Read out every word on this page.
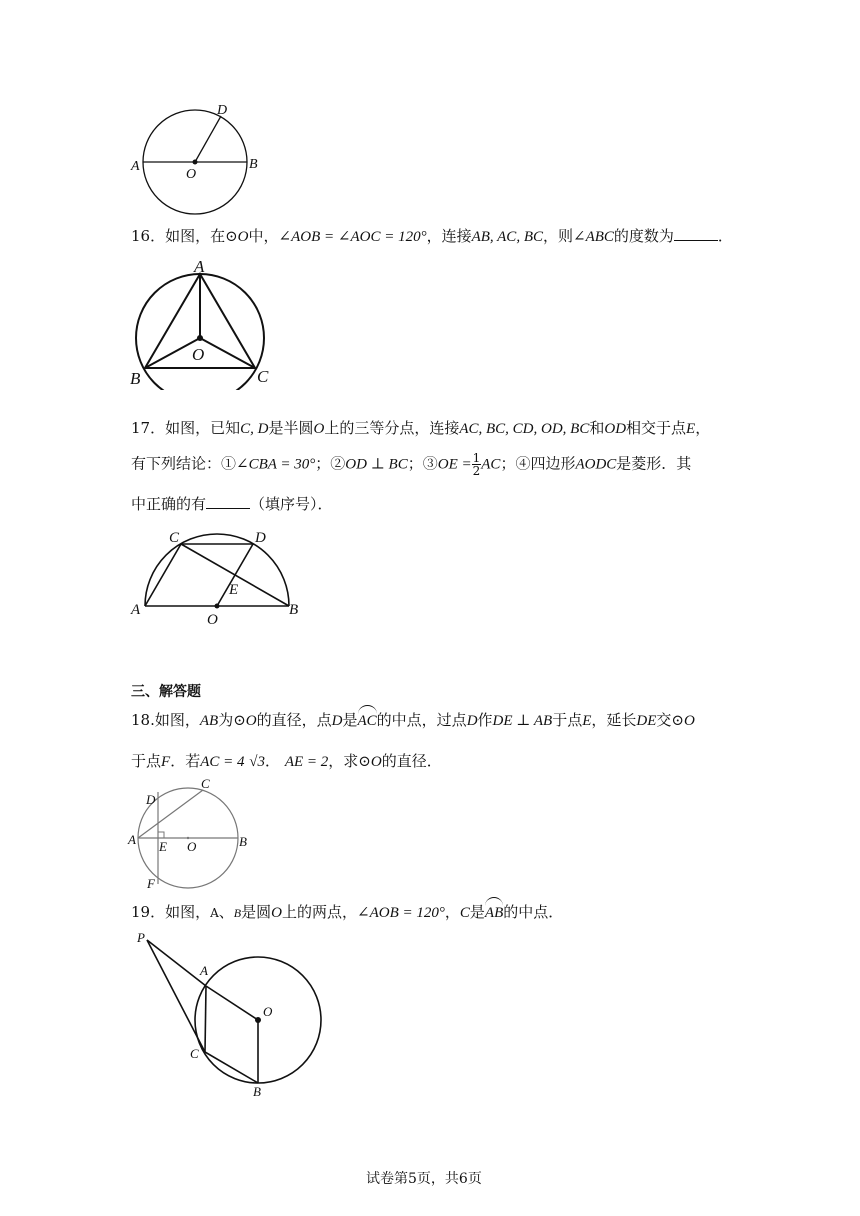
A	B
O
D
16．如图，在⊙O中，∠AOB = ∠AOC = 120°，连接AB, AC, BC，则∠ABC的度数为	．
A
B	C
O
17．如图，已知C, D是半圆O上的三等分点，连接AC, BC, CD, OD, BC和OD相交于点E，
有下列结论：①∠CBA = 30°；②OD ⊥ BC；③OE = $\frac{1}{2}$ AC；④四边形AODC是菱形．其
中正确的有	（填序号）．
A	B
C	D
E
O
三、解答题
18.如图，AB为⊙O的直径，点D是AC的中点，过点D作DE ⊥ AB于点E，延长DE交⊙O
于点F．若AC = 4 √3． AE = 2，求⊙O的直径．
A	B
C
D
E
F
O
19．如图，A、B是圆O上的两点，∠AOB = 120°，C是AB的中点．
P
A
O
C
B
试卷第5页，共6页
